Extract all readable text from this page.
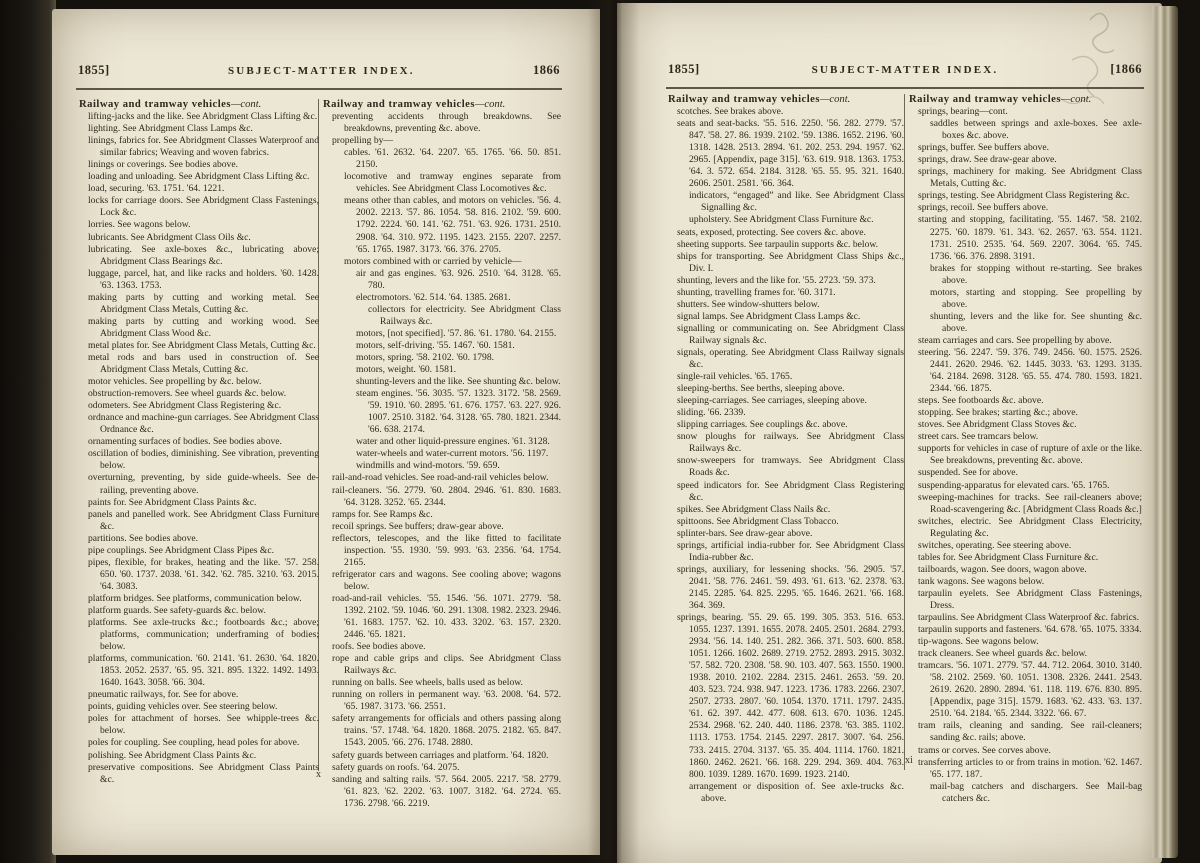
1855]	SUBJECT-MATTER INDEX.	1866	1855]	SUBJECT-MATTER INDEX.	[1866
Railway and tramway vehicles—cont.
lifting-jacks and the like. See Abridgment Class Lifting &c.
lighting. See Abridgment Class Lamps &c.
linings, fabrics for. See Abridgment Classes Waterproof and similar fabrics; Weaving and woven fabrics.
linings or coverings. See bodies above.
loading and unloading. See Abridgment Class Lifting &c.
load, securing. '63. 1751. '64. 1221.
locks for carriage doors. See Abridgment Class Fastenings, Lock &c.
lorries. See wagons below.
lubricants. See Abridgment Class Oils &c.
lubricating. See axle-boxes &c., lubricating above; Abridgment Class Bearings &c.
luggage, parcel, hat, and like racks and holders. '60. 1428. '63. 1363. 1753.
making parts by cutting and working metal. See Abridgment Class Metals, Cutting &c.
making parts by cutting and working wood. See Abridgment Class Wood &c.
metal plates for. See Abridgment Class Metals, Cutting &c.
metal rods and bars used in construction of. See Abridgment Class Metals, Cutting &c.
motor vehicles. See propelling by &c. below.
obstruction-removers. See wheel guards &c. below.
odometers. See Abridgment Class Registering &c.
ordnance and machine-gun carriages. See Abridgment Class Ordnance &c.
ornamenting surfaces of bodies. See bodies above.
oscillation of bodies, diminishing. See vibration, preventing below.
overturning, preventing, by side guide-wheels. See de-railing, preventing above.
paints for. See Abridgment Class Paints &c.
panels and panelled work. See Abridgment Class Furniture &c.
partitions. See bodies above.
pipe couplings. See Abridgment Class Pipes &c.
pipes, flexible, for brakes, heating and the like. '57. 258. 650. '60. 1737. 2038. '61. 342. '62. 785. 3210. '63. 2015. '64. 3083.
platform bridges. See platforms, communication below.
platform guards. See safety-guards &c. below.
platforms. See axle-trucks &c.; footboards &c.; above; platforms, communication; underframing of bodies; below.
platforms, communication. '60. 2141. '61. 2630. '64. 1820. 1853. 2052. 2537. '65. 95. 321. 895. 1322. 1492. 1493. 1640. 1643. 3058. '66. 304.
pneumatic railways, for. See for above.
points, guiding vehicles over. See steering below.
poles for attachment of horses. See whipple-trees &c. below.
poles for coupling. See coupling, head poles for above.
polishing. See Abridgment Class Paints &c.
preservative compositions. See Abridgment Class Paints &c.
Railway and tramway vehicles—cont.
preventing accidents through breakdowns. See breakdowns, preventing &c. above.
propelling by—
cables. '61. 2632. '64. 2207. '65. 1765. '66. 50. 851. 2150.
locomotive and tramway engines separate from vehicles. See Abridgment Class Locomotives &c.
means other than cables, and motors on vehicles. '56. 4. 2002. 2213. '57. 86. 1054. '58. 816. 2102. '59. 600. 1792. 2224. '60. 141. '62. 751. '63. 926. 1731. 2510. 2908. '64. 310. 972. 1195. 1423. 2155. 2207. 2257. '65. 1765. 1987. 3173. '66. 376. 2705.
motors combined with or carried by vehicle—
air and gas engines. '63. 926. 2510. '64. 3128. '65. 780.
electromotors. '62. 514. '64. 1385. 2681.
collectors for electricity. See Abridgment Class Railways &c.
motors, [not specified]. '57. 86. '61. 1780. '64. 2155.
motors, self-driving. '55. 1467. '60. 1581.
motors, spring. '58. 2102. '60. 1798.
motors, weight. '60. 1581.
shunting-levers and the like. See shunting &c. below.
steam engines. '56. 3035. '57. 1323. 3172. '58. 2569. '59. 1910. '60. 2895. '61. 676. 1757. '63. 227. 926. 1007. 2510. 3182. '64. 3128. '65. 780. 1821. 2344. '66. 638. 2174.
water and other liquid-pressure engines. '61. 3128.
water-wheels and water-current motors. '56. 1197.
windmills and wind-motors. '59. 659.
rail-and-road vehicles. See road-and-rail vehicles below.
rail-cleaners. '56. 2779. '60. 2804. 2946. '61. 830. 1683. '64. 3128. 3252. '65. 2344.
ramps for. See Ramps &c.
recoil springs. See buffers; draw-gear above.
reflectors, telescopes, and the like fitted to facilitate inspection. '55. 1930. '59. 993. '63. 2356. '64. 1754. 2165.
refrigerator cars and wagons. See cooling above; wagons below.
road-and-rail vehicles. '55. 1546. '56. 1071. 2779. '58. 1392. 2102. '59. 1046. '60. 291. 1308. 1982. 2323. 2946. '61. 1683. 1757. '62. 10. 433. 3202. '63. 157. 2320. 2446. '65. 1821.
roofs. See bodies above.
rope and cable grips and clips. See Abridgment Class Railways &c.
running on balls. See wheels, balls used as below.
running on rollers in permanent way. '63. 2008. '64. 572. '65. 1987. 3173. '66. 2551.
safety arrangements for officials and others passing along trains. '57. 1748. '64. 1820. 1868. 2075. 2182. '65. 847. 1543. 2005. '66. 276. 1748. 2880.
safety guards between carriages and platform. '64. 1820.
safety guards on roofs. '64. 2075.
sanding and salting rails. '57. 564. 2005. 2217. '58. 2779. '61. 823. '62. 2202. '63. 1007. 3182. '64. 2724. '65. 1736. 2798. '66. 2219.
Railway and tramway vehicles—cont.
scotches. See brakes above.
seats and seat-backs. '55. 516. 2250. '56. 282. 2779. '57. 847. '58. 27. 86. 1939. 2102. '59. 1386. 1652. 2196. '60. 1318. 1428. 2513. 2894. '61. 202. 253. 294. 1957. '62. 2965. [Appendix, page 315]. '63. 619. 918. 1363. 1753. '64. 3. 572. 654. 2184. 3128. '65. 55. 95. 321. 1640. 2606. 2501. 2581. '66. 364.
indicators, “engaged” and like. See Abridgment Class Signalling &c.
upholstery. See Abridgment Class Furniture &c.
seats, exposed, protecting. See covers &c. above.
sheeting supports. See tarpaulin supports &c. below.
ships for transporting. See Abridgment Class Ships &c., Div. I.
shunting, levers and the like for. '55. 2723. '59. 373.
shunting, travelling frames for. '60. 3171.
shutters. See window-shutters below.
signal lamps. See Abridgment Class Lamps &c.
signalling or communicating on. See Abridgment Class Railway signals &c.
signals, operating. See Abridgment Class Railway signals &c.
single-rail vehicles. '65. 1765.
sleeping-berths. See berths, sleeping above.
sleeping-carriages. See carriages, sleeping above.
sliding. '66. 2339.
slipping carriages. See couplings &c. above.
snow ploughs for railways. See Abridgment Class Railways &c.
snow-sweepers for tramways. See Abridgment Class Roads &c.
speed indicators for. See Abridgment Class Registering &c.
spikes. See Abridgment Class Nails &c.
spittoons. See Abridgment Class Tobacco.
splinter-bars. See draw-gear above.
springs, artificial india-rubber for. See Abridgment Class India-rubber &c.
springs, auxiliary, for lessening shocks. '56. 2905. '57. 2041. '58. 776. 2461. '59. 493. '61. 613. '62. 2378. '63. 2145. 2285. '64. 825. 2295. '65. 1646. 2621. '66. 168. 364. 369.
springs, bearing. '55. 29. 65. 199. 305. 353. 516. 653. 1055. 1237. 1391. 1655. 2078. 2405. 2501. 2684. 2793. 2934. '56. 14. 140. 251. 282. 366. 371. 503. 600. 858. 1051. 1266. 1602. 2689. 2719. 2752. 2893. 2915. 3032. '57. 582. 720. 2308. '58. 90. 103. 407. 563. 1550. 1900. 1938. 2010. 2102. 2284. 2315. 2461. 2653. '59. 20. 403. 523. 724. 938. 947. 1223. 1736. 1783. 2266. 2307. 2507. 2733. 2807. '60. 1054. 1370. 1711. 1797. 2435. '61. 62. 397. 442. 477. 608. 613. 670. 1036. 1245. 2534. 2968. '62. 240. 440. 1186. 2378. '63. 385. 1102. 1113. 1753. 1754. 2145. 2297. 2817. 3007. '64. 256. 733. 2415. 2704. 3137. '65. 35. 404. 1114. 1760. 1821. 1860. 2462. 2621. '66. 168. 229. 294. 369. 404. 763. 800. 1039. 1289. 1670. 1699. 1923. 2140.
arrangement or disposition of. See axle-trucks &c. above.
Railway and tramway vehicles—cont.
springs, bearing—cont.
saddles between springs and axle-boxes. See axle-boxes &c. above.
springs, buffer. See buffers above.
springs, draw. See draw-gear above.
springs, machinery for making. See Abridgment Class Metals, Cutting &c.
springs, testing. See Abridgment Class Registering &c.
springs, recoil. See buffers above.
starting and stopping, facilitating. '55. 1467. '58. 2102. 2275. '60. 1879. '61. 343. '62. 2657. '63. 554. 1121. 1731. 2510. 2535. '64. 569. 2207. 3064. '65. 745. 1736. '66. 376. 2898. 3191.
brakes for stopping without re-starting. See brakes above.
motors, starting and stopping. See propelling by above.
shunting, levers and the like for. See shunting &c. above.
steam carriages and cars. See propelling by above.
steering. '56. 2247. '59. 376. 749. 2456. '60. 1575. 2526. 2441. 2620. 2946. '62. 1445. 3033. '63. 1293. 3135. '64. 2184. 2698. 3128. '65. 55. 474. 780. 1593. 1821. 2344. '66. 1875.
steps. See footboards &c. above.
stopping. See brakes; starting &c.; above.
stoves. See Abridgment Class Stoves &c.
street cars. See tramcars below.
supports for vehicles in case of rupture of axle or the like. See breakdowns, preventing &c. above.
suspended. See for above.
suspending-apparatus for elevated cars. '65. 1765.
sweeping-machines for tracks. See rail-cleaners above; Road-scavengering &c. [Abridgment Class Roads &c.]
switches, electric. See Abridgment Class Electricity, Regulating &c.
switches, operating. See steering above.
tables for. See Abridgment Class Furniture &c.
tailboards, wagon. See doors, wagon above.
tank wagons. See wagons below.
tarpaulin eyelets. See Abridgment Class Fastenings, Dress.
tarpaulins. See Abridgment Class Waterproof &c. fabrics.
tarpaulin supports and fasteners. '64. 678. '65. 1075. 3334.
tip-wagons. See wagons below.
track cleaners. See wheel guards &c. below.
tramcars. '56. 1071. 2779. '57. 44. 712. 2064. 3010. 3140. '58. 2102. 2569. '60. 1051. 1308. 2326. 2441. 2543. 2619. 2620. 2890. 2894. '61. 118. 119. 676. 830. 895. [Appendix, page 315]. 1579. 1683. '62. 433. '63. 137. 2510. '64. 2184. '65. 2344. 3322. '66. 67.
tram rails, cleaning and sanding. See rail-cleaners; sanding &c. rails; above.
trams or corves. See corves above.
transferring articles to or from trains in motion. '62. 1467. '65. 177. 187.
mail-bag catchers and dischargers. See Mail-bag catchers &c.
x
xi
